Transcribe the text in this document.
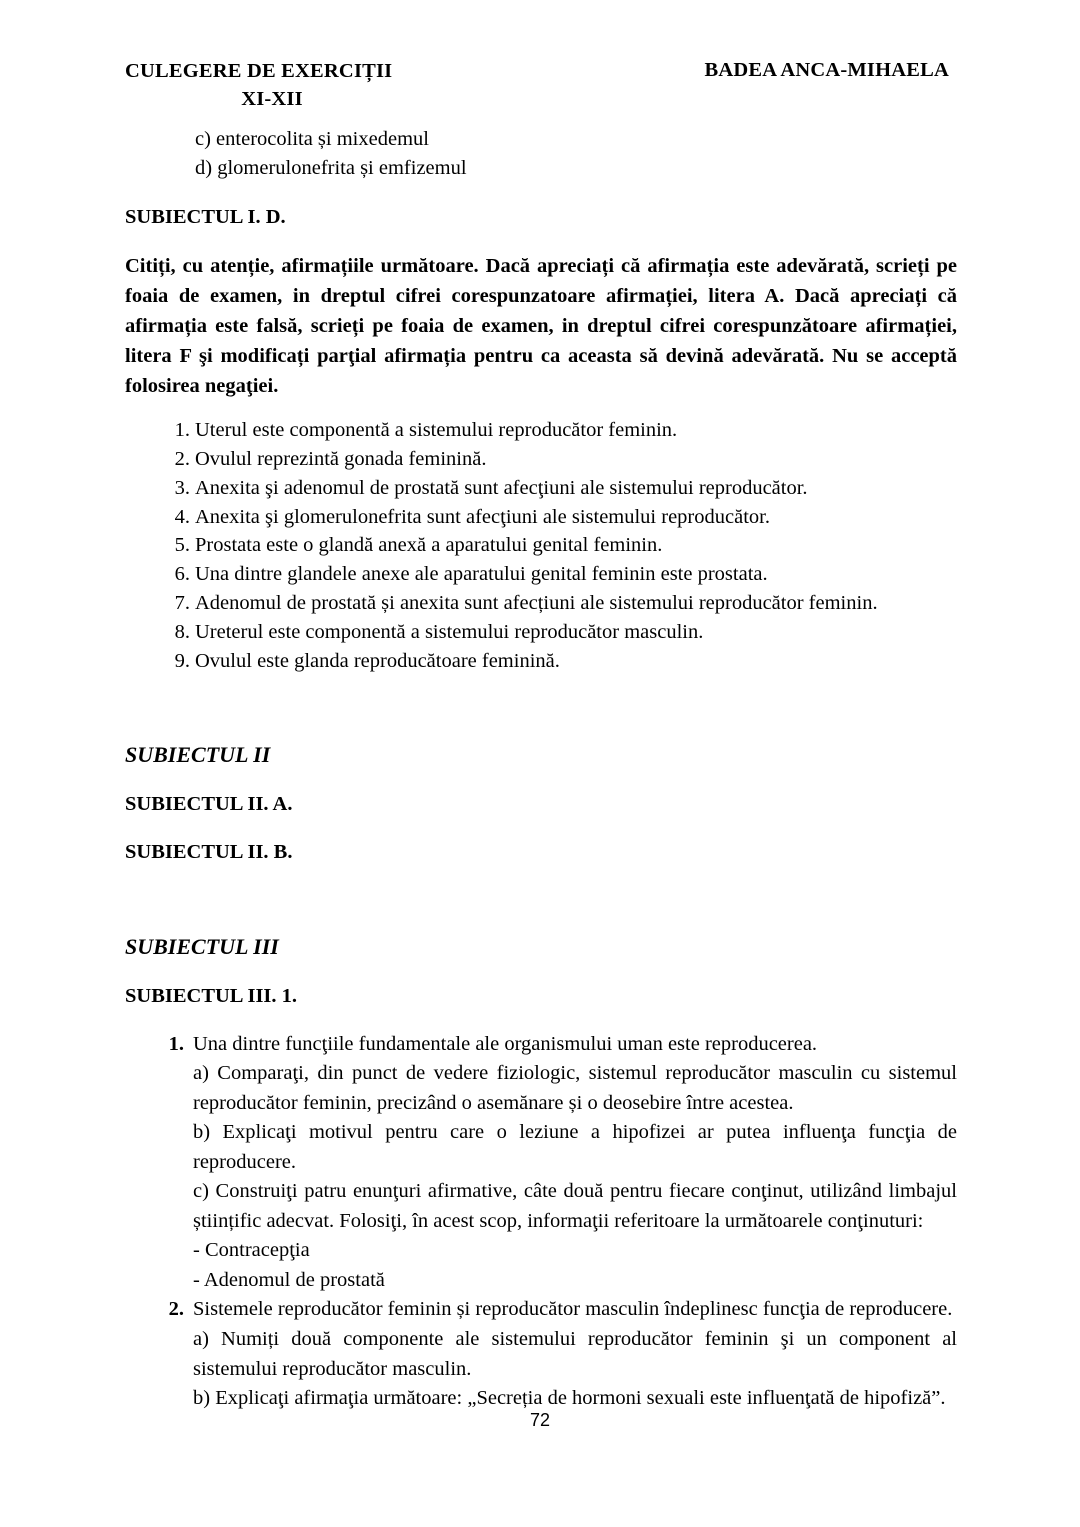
CULEGERE DE EXERCIȚII
XI-XII
BADEA ANCA-MIHAELA
c) enterocolita și mixedemul
d) glomerulonefrita și emfizemul
SUBIECTUL I. D.
Citiți, cu atenție, afirmațiile următoare. Dacă apreciați că afirmația este adevărată, scrieți pe foaia de examen, in dreptul cifrei corespunzatoare afirmației, litera A. Dacă apreciați că afirmația este falsă, scrieți pe foaia de examen, in dreptul cifrei corespunzătoare afirmației, litera F şi modificați parţial afirmația pentru ca aceasta să devină adevărată. Nu se acceptă folosirea negaţiei.
1. Uterul este componentă a sistemului reproducător feminin.
2. Ovulul reprezintă gonada feminină.
3. Anexita şi adenomul de prostată sunt afecţiuni ale sistemului reproducător.
4. Anexita şi glomerulonefrita sunt afecţiuni ale sistemului reproducător.
5. Prostata este o glandă anexă a aparatului genital feminin.
6. Una dintre glandele anexe ale aparatului genital feminin este prostata.
7. Adenomul de prostată și anexita sunt afecțiuni ale sistemului reproducător feminin.
8. Ureterul este componentă a sistemului reproducător masculin.
9. Ovulul este glanda reproducătoare feminină.
SUBIECTUL II
SUBIECTUL II. A.
SUBIECTUL II. B.
SUBIECTUL III
SUBIECTUL III. 1.
1. Una dintre funcţiile fundamentale ale organismului uman este reproducerea.
a) Comparaţi, din punct de vedere fiziologic, sistemul reproducător masculin cu sistemul reproducător feminin, precizând o asemănare și o deosebire între acestea.
b) Explicaţi motivul pentru care o leziune a hipofizei ar putea influenţa funcţia de reproducere.
c) Construiţi patru enunţuri afirmative, câte două pentru fiecare conţinut, utilizând limbajul științific adecvat. Folosiţi, în acest scop, informaţii referitoare la următoarele conţinuturi:
- Contracepţia
- Adenomul de prostată
2. Sistemele reproducător feminin și reproducător masculin îndeplinesc funcţia de reproducere.
a) Numiți două componente ale sistemului reproducător feminin şi un component al sistemului reproducător masculin.
b) Explicaţi afirmaţia următoare: „Secreția de hormoni sexuali este influenţată de hipofiză”.
72
